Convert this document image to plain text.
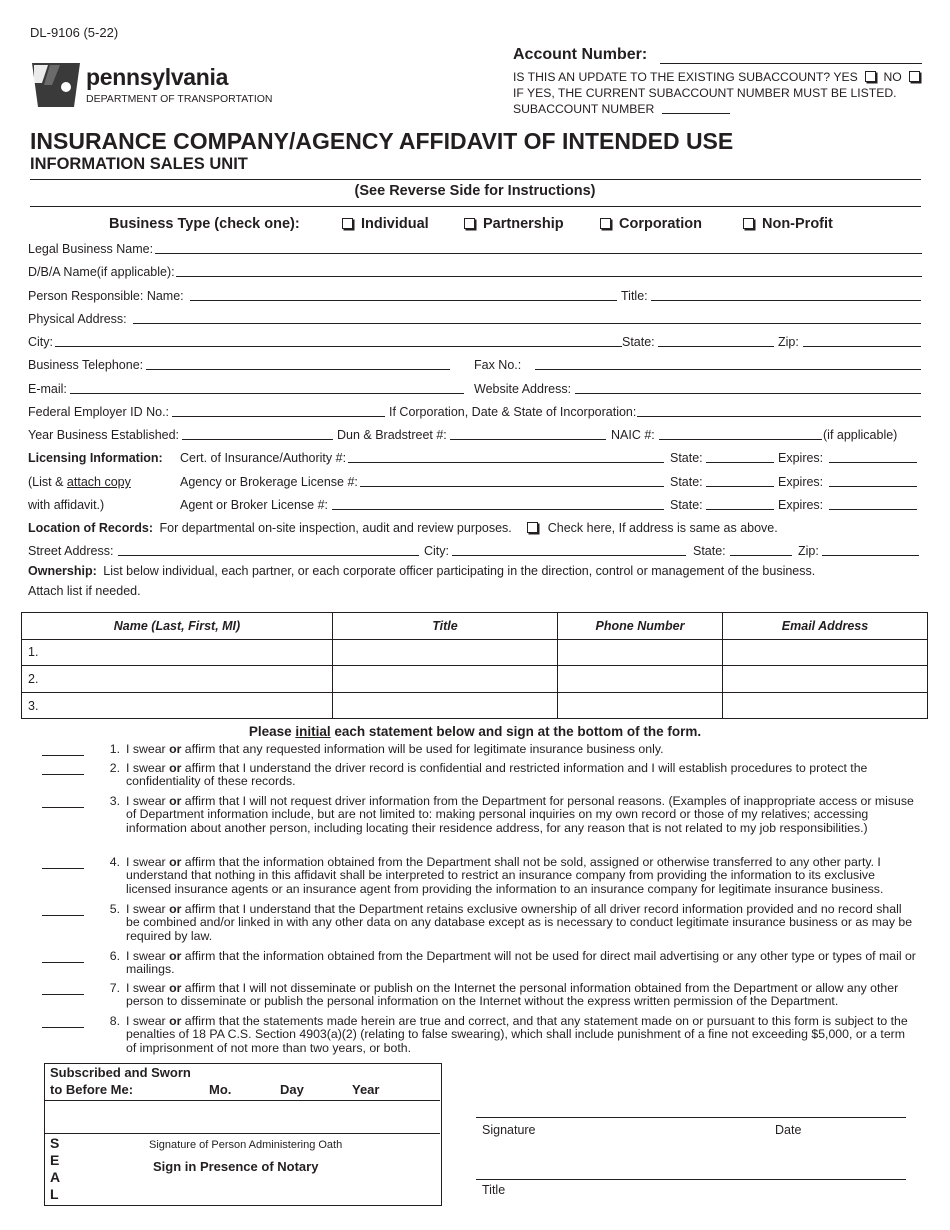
DL-9106 (5-22)
pennsylvania
DEPARTMENT OF TRANSPORTATION
Account Number:
IS THIS AN UPDATE TO THE EXISTING SUBACCOUNT? YES NO
IF YES, THE CURRENT SUBACCOUNT NUMBER MUST BE LISTED.
SUBACCOUNT NUMBER
INSURANCE COMPANY/AGENCY AFFIDAVIT OF INTENDED USE
INFORMATION SALES UNIT
(See Reverse Side for Instructions)
Business Type (check one):	Individual	Partnership	Corporation	Non-Profit
Legal Business Name:
D/B/A Name(if applicable):
Person Responsible: Name:	Title:
Physical Address:
City:	State:	Zip:
Business Telephone:	Fax No.:
E-mail:	Website Address:
Federal Employer ID No.:	If Corporation, Date & State of Incorporation:
Year Business Established:	Dun & Bradstreet #:	NAIC #:	(if applicable)
Licensing Information:
(List & attach copy
with affidavit.)
Cert. of Insurance/Authority #:	State:	Expires:
Agency or Brokerage License #:	State:	Expires:
Agent or Broker License #:	State:	Expires:
Location of Records: For departmental on-site inspection, audit and review purposes.	Check here, If address is same as above.
Street Address:	City:	State:	Zip:
Ownership: List below individual, each partner, or each corporate officer participating in the direction, control or management of the business.
Attach list if needed.
Name (Last, First, MI)	Title	Phone Number	Email Address
1.			
2.			
3.			
Please initial each statement below and sign at the bottom of the form.
1. I swear or affirm that any requested information will be used for legitimate insurance business only.
2. I swear or affirm that I understand the driver record is confidential and restricted information and I will establish procedures to protect the confidentiality of these records.
3. I swear or affirm that I will not request driver information from the Department for personal reasons. (Examples of inappropriate access or misuse of Department information include, but are not limited to: making personal inquiries on my own record or those of my relatives; accessing information about another person, including locating their residence address, for any reason that is not related to my job responsibilities.)
4. I swear or affirm that the information obtained from the Department shall not be sold, assigned or otherwise transferred to any other party. I understand that nothing in this affidavit shall be interpreted to restrict an insurance company from providing the information to its exclusive licensed insurance agents or an insurance agent from providing the information to an insurance company for legitimate insurance business.
5. I swear or affirm that I understand that the Department retains exclusive ownership of all driver record information provided and no record shall be combined and/or linked in with any other data on any database except as is necessary to conduct legitimate insurance business or as may be required by law.
6. I swear or affirm that the information obtained from the Department will not be used for direct mail advertising or any other type or types of mail or mailings.
7. I swear or affirm that I will not disseminate or publish on the Internet the personal information obtained from the Department or allow any other person to disseminate or publish the personal information on the Internet without the express written permission of the Department.
8. I swear or affirm that the statements made herein are true and correct, and that any statement made on or pursuant to this form is subject to the penalties of 18 PA C.S. Section 4903(a)(2) (relating to false swearing), which shall include punishment of a fine not exceeding $5,000, or a term of imprisonment of not more than two years, or both.
Subscribed and Sworn
to Before Me:	Mo.	Day	Year
S
E
A
L
Signature of Person Administering Oath
Sign in Presence of Notary
Signature	Date
Title
